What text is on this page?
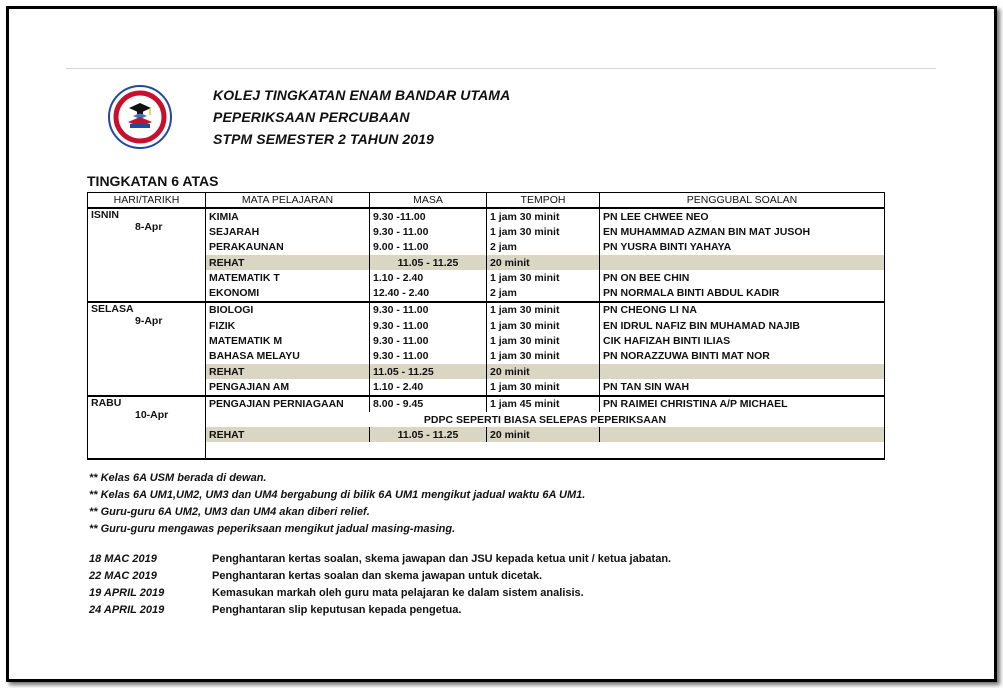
KOLEJ TINGKATAN ENAM BANDAR UTAMA
PEPERIKSAAN PERCUBAAN
STPM SEMESTER 2 TAHUN 2019
TINGKATAN 6 ATAS
HARI/TARIKH	MATA PELAJARAN	MASA	TEMPOH	PENGGUBAL SOALAN

ISNIN
8-Apr	KIMIA	9.30 -11.00	1 jam 30 minit	PN LEE CHWEE NEO
	SEJARAH	9.30 - 11.00	1 jam 30 minit	EN MUHAMMAD AZMAN BIN MAT JUSOH
	PERAKAUNAN	9.00 - 11.00	2 jam	PN YUSRA BINTI YAHAYA
	REHAT	11.05 - 11.25	20 minit	
	MATEMATIK T	1.10 - 2.40	1 jam 30 minit	PN ON BEE CHIN
	EKONOMI	12.40 - 2.40	2 jam	PN NORMALA BINTI ABDUL KADIR

SELASA
9-Apr	BIOLOGI	9.30 - 11.00	1 jam 30 minit	PN CHEONG LI NA
	FIZIK	9.30 - 11.00	1 jam 30 minit	EN IDRUL NAFIZ BIN MUHAMAD NAJIB
	MATEMATIK M	9.30 - 11.00	1 jam 30 minit	CIK HAFIZAH BINTI ILIAS
	BAHASA MELAYU	9.30 - 11.00	1 jam 30 minit	PN NORAZZUWA BINTI MAT NOR
	REHAT	11.05 - 11.25	20 minit	
	PENGAJIAN AM	1.10 - 2.40	1 jam 30 minit	PN TAN SIN WAH

RABU
10-Apr	PENGAJIAN PERNIAGAAN	8.00 - 9.45	1 jam 45 minit	PN RAIMEI CHRISTINA A/P MICHAEL
	PDPC SEPERTI BIASA SELEPAS PEPERIKSAAN			
	REHAT	11.05 - 11.25	20 minit	

** Kelas 6A USM berada di dewan.
** Kelas 6A UM1,UM2, UM3 dan UM4 bergabung di bilik 6A UM1 mengikut jadual waktu 6A UM1.
** Guru-guru 6A UM2, UM3 dan UM4 akan diberi relief.
** Guru-guru mengawas peperiksaan mengikut jadual masing-masing.
18 MAC 2019	Penghantaran kertas soalan, skema jawapan dan JSU kepada ketua unit / ketua jabatan.
22 MAC 2019	Penghantaran kertas soalan dan skema jawapan untuk dicetak.
19 APRIL 2019	Kemasukan markah oleh guru mata pelajaran ke dalam sistem analisis.
24 APRIL 2019	Penghantaran slip keputusan kepada pengetua.
